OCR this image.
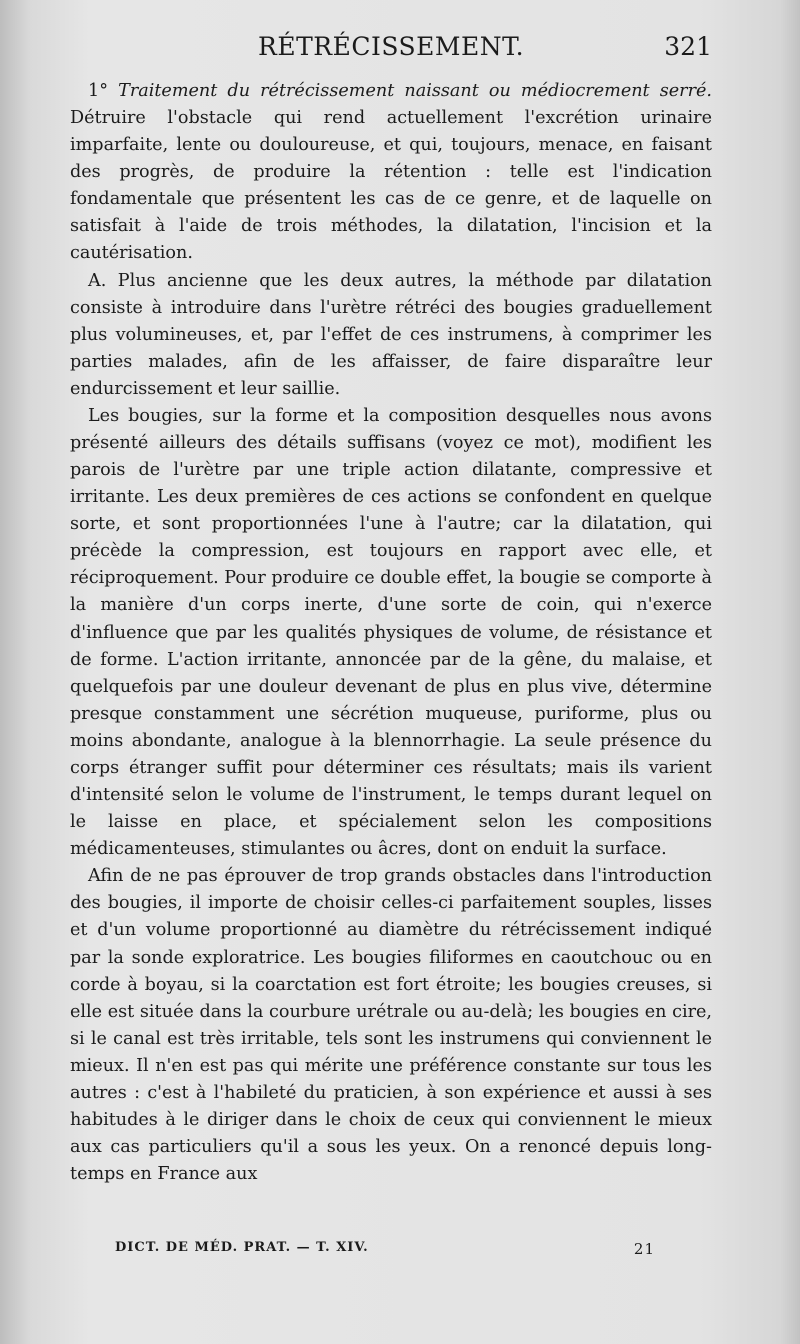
RÉTRÉCISSEMENT.	321

1° Traitement du rétrécissement naissant ou médiocrement serré. Détruire l'obstacle qui rend actuellement l'excrétion urinaire imparfaite, lente ou douloureuse, et qui, toujours, menace, en faisant des progrès, de produire la rétention : telle est l'indication fondamentale que présentent les cas de ce genre, et de laquelle on satisfait à l'aide de trois méthodes, la dilatation, l'incision et la cautérisation.

A. Plus ancienne que les deux autres, la méthode par dilatation consiste à introduire dans l'urètre rétréci des bougies graduellement plus volumineuses, et, par l'effet de ces instrumens, à comprimer les parties malades, afin de les affaisser, de faire disparaître leur endurcissement et leur saillie.

Les bougies, sur la forme et la composition desquelles nous avons présenté ailleurs des détails suffisans (voyez ce mot), modifient les parois de l'urètre par une triple action dilatante, compressive et irritante. Les deux premières de ces actions se confondent en quelque sorte, et sont proportionnées l'une à l'autre; car la dilatation, qui précède la compression, est toujours en rapport avec elle, et réciproquement. Pour produire ce double effet, la bougie se comporte à la manière d'un corps inerte, d'une sorte de coin, qui n'exerce d'influence que par les qualités physiques de volume, de résistance et de forme. L'action irritante, annoncée par de la gêne, du malaise, et quelquefois par une douleur devenant de plus en plus vive, détermine presque constamment une sécrétion muqueuse, puriforme, plus ou moins abondante, analogue à la blennorrhagie. La seule présence du corps étranger suffit pour déterminer ces résultats; mais ils varient d'intensité selon le volume de l'instrument, le temps durant lequel on le laisse en place, et spécialement selon les compositions médicamenteuses, stimulantes ou âcres, dont on enduit la surface.

Afin de ne pas éprouver de trop grands obstacles dans l'introduction des bougies, il importe de choisir celles-ci parfaitement souples, lisses et d'un volume proportionné au diamètre du rétrécissement indiqué par la sonde exploratrice. Les bougies filiformes en caoutchouc ou en corde à boyau, si la coarctation est fort étroite; les bougies creuses, si elle est située dans la courbure urétrale ou au-delà; les bougies en cire, si le canal est très irritable, tels sont les instrumens qui conviennent le mieux. Il n'en est pas qui mérite une préférence constante sur tous les autres : c'est à l'habileté du praticien, à son expérience et aussi à ses habitudes à le diriger dans le choix de ceux qui conviennent le mieux aux cas particuliers qu'il a sous les yeux. On a renoncé depuis long-temps en France aux

DICT. DE MÉD. PRAT. — T. XIV.	21
